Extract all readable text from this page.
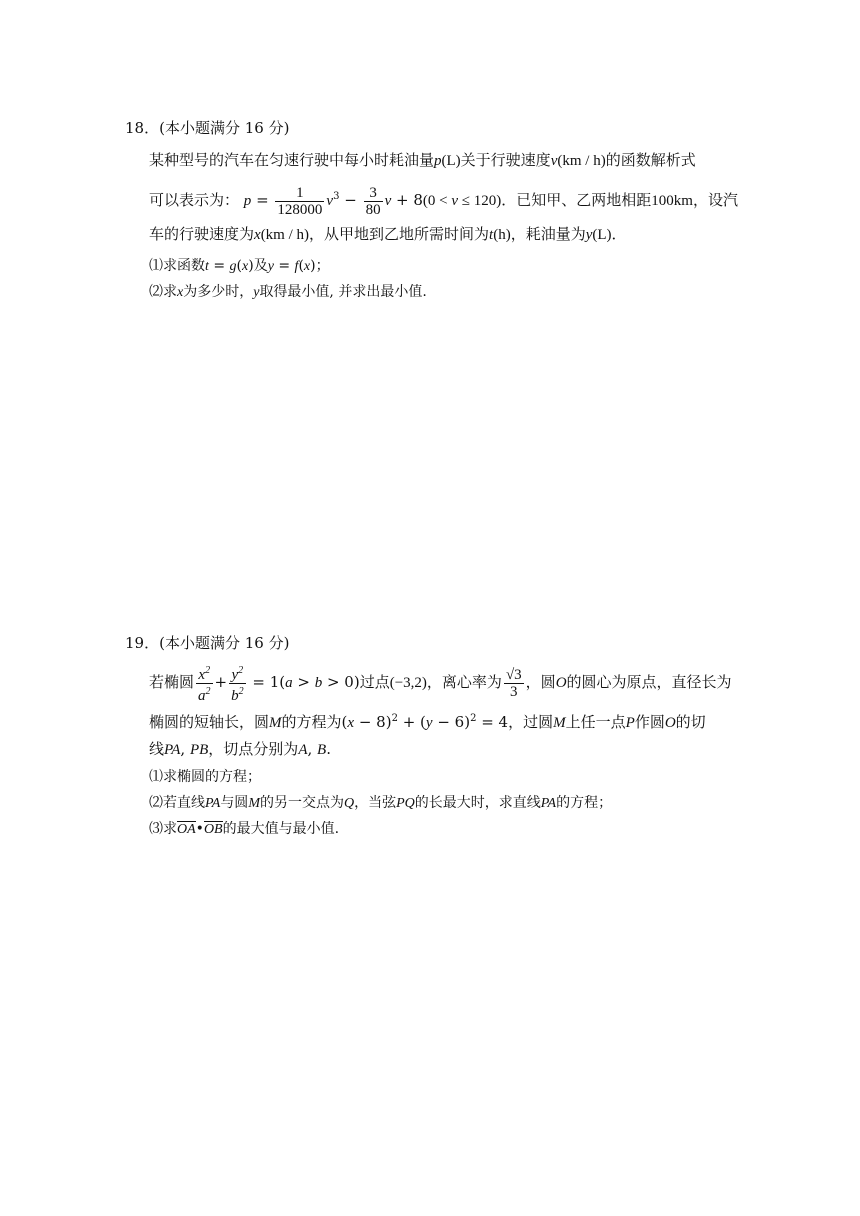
18．(本小题满分 16 分)
某种型号的汽车在匀速行驶中每小时耗油量p(L)关于行驶速度v(km / h)的函数解析式
可以表示为： $p = \frac{1}{128000} v^3 - \frac{3}{80}$ v + 8(0 < v ≤ 120)．已知甲、乙两地相距100km，设汽
车的行驶速度为x(km / h)，从甲地到乙地所需时间为t(h)，耗油量为y(L)．
⑴求函数t = g(x)及y = f(x)；
⑵求x为多少时，y取得最小值, 并求出最小值.
19．(本小题满分 16 分)
若椭圆 $\frac{x^2}{a^2} + \frac{y^2}{b^2} = 1(a > b > 0)$过点(−3,2)，离心率为 $\frac{√3}{3}$ ，圆O的圆心为原点，直径长为
椭圆的短轴长，圆M的方程为$(x - 8)^2 + (y - 6)^2 = 4$，过圆M上任一点P作圆O的切
线PA, PB，切点分别为A, B.
⑴求椭圆的方程；
⑵若直线PA与圆M的另一交点为Q，当弦PQ的长最大时，求直线PA的方程；
⑶求OA•OB的最大值与最小值.
